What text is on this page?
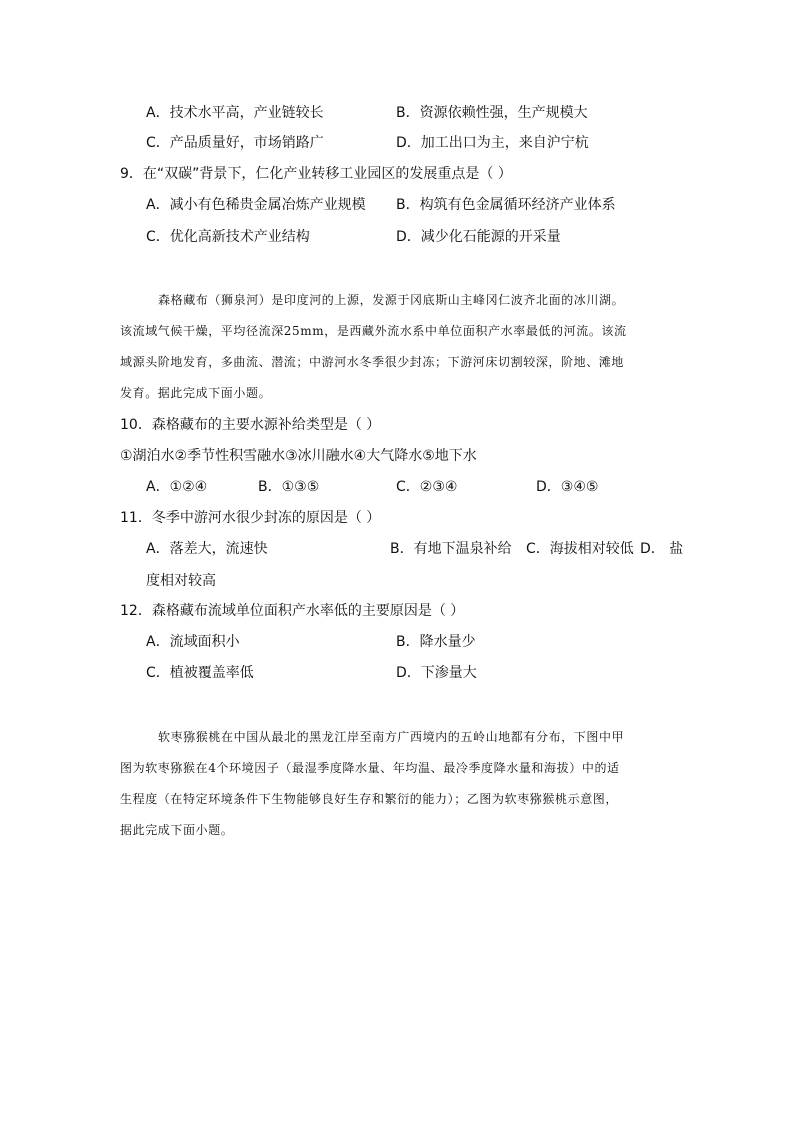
A．技术水平高，产业链较长	B．资源依赖性强，生产规模大
C．产品质量好，市场销路广	D．加工出口为主，来自沪宁杭
9．在“双碳”背景下，仁化产业转移工业园区的发展重点是（ ）
A．减小有色稀贵金属冶炼产业规模 B．构筑有色金属循环经济产业体系
C．优化高新技术产业结构	D．减少化石能源的开采量
森格藏布（狮泉河）是印度河的上源，发源于冈底斯山主峰冈仁波齐北面的冰川湖。
该流域气候干燥，平均径流深25mm，是西藏外流水系中单位面积产水率最低的河流。该流
域源头阶地发育，多曲流、潜流；中游河水冬季很少封冻；下游河床切割较深，阶地、滩地
发育。据此完成下面小题。
10．森格藏布的主要水源补给类型是（ ）
①湖泊水②季节性积雪融水③冰川融水④大气降水⑤地下水
A．①②④	B．①③⑤	C．②③④	D．③④⑤
11．冬季中游河水很少封冻的原因是（ ）
A．落差大，流速快	B．有地下温泉补给 C．海拔相对较低 D． 盐
度相对较高
12．森格藏布流域单位面积产水率低的主要原因是（ ）
A．流域面积小	B．降水量少
C．植被覆盖率低	D．下渗量大
软枣猕猴桃在中国从最北的黑龙江岸至南方广西境内的五岭山地都有分布，下图中甲
图为软枣猕猴在4个环境因子（最湿季度降水量、年均温、最冷季度降水量和海拔）中的适
生程度（在特定环境条件下生物能够良好生存和繁衍的能力）；乙图为软枣猕猴桃示意图，
据此完成下面小题。
